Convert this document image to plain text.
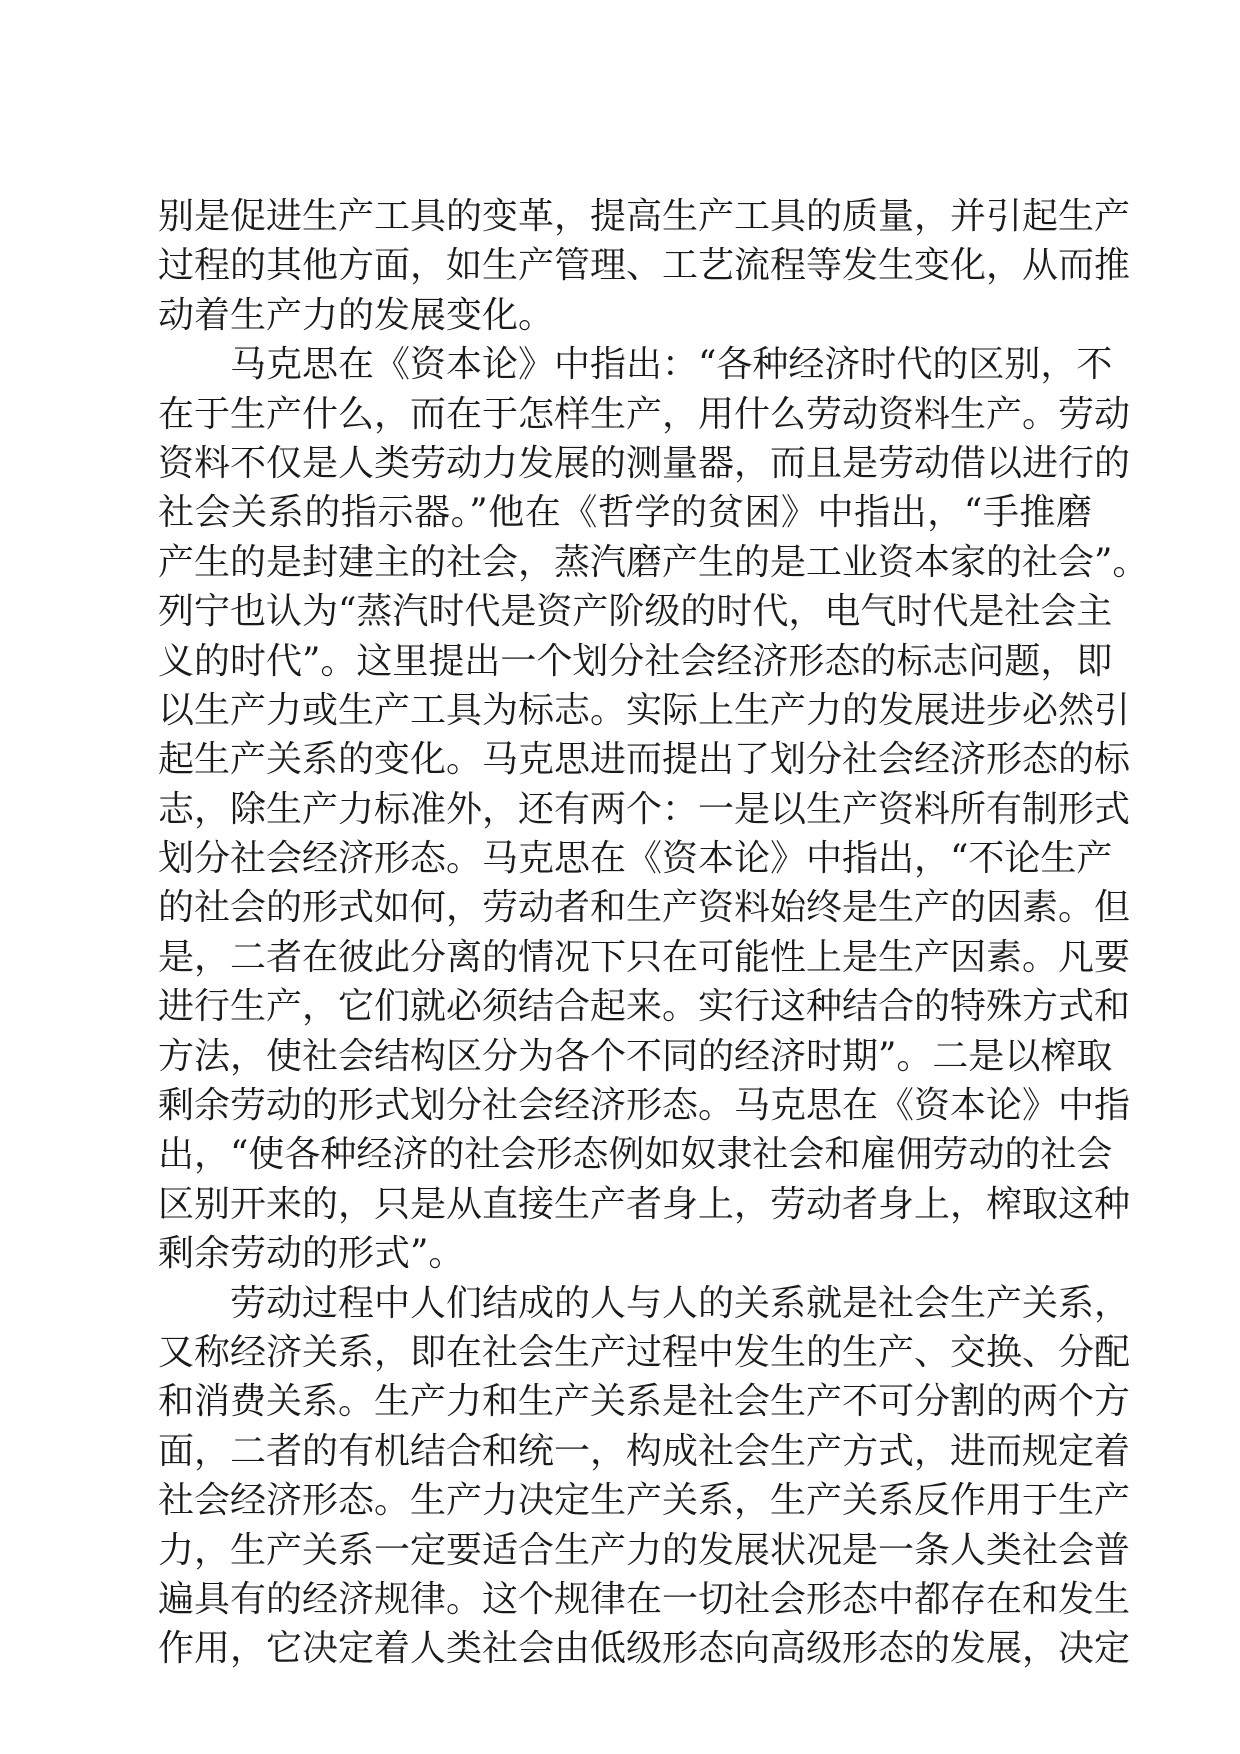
别是促进生产工具的变革，提高生产工具的质量，并引起生产
过程的其他方面，如生产管理、工艺流程等发生变化，从而推
动着生产力的发展变化。
马克思在《资本论》中指出：“各种经济时代的区别，不
在于生产什么，而在于怎样生产，用什么劳动资料生产。劳动
资料不仅是人类劳动力发展的测量器，而且是劳动借以进行的
社会关系的指示器。”他在《哲学的贫困》中指出，“手推磨
产生的是封建主的社会，蒸汽磨产生的是工业资本家的社会”。
列宁也认为“蒸汽时代是资产阶级的时代，电气时代是社会主
义的时代”。这里提出一个划分社会经济形态的标志问题，即
以生产力或生产工具为标志。实际上生产力的发展进步必然引
起生产关系的变化。马克思进而提出了划分社会经济形态的标
志，除生产力标准外，还有两个：一是以生产资料所有制形式
划分社会经济形态。马克思在《资本论》中指出，“不论生产
的社会的形式如何，劳动者和生产资料始终是生产的因素。但
是，二者在彼此分离的情况下只在可能性上是生产因素。凡要
进行生产，它们就必须结合起来。实行这种结合的特殊方式和
方法，使社会结构区分为各个不同的经济时期”。二是以榨取
剩余劳动的形式划分社会经济形态。马克思在《资本论》中指
出，“使各种经济的社会形态例如奴隶社会和雇佣劳动的社会
区别开来的，只是从直接生产者身上，劳动者身上，榨取这种
剩余劳动的形式”。
劳动过程中人们结成的人与人的关系就是社会生产关系，
又称经济关系，即在社会生产过程中发生的生产、交换、分配
和消费关系。生产力和生产关系是社会生产不可分割的两个方
面，二者的有机结合和统一，构成社会生产方式，进而规定着
社会经济形态。生产力决定生产关系，生产关系反作用于生产
力，生产关系一定要适合生产力的发展状况是一条人类社会普
遍具有的经济规律。这个规律在一切社会形态中都存在和发生
作用，它决定着人类社会由低级形态向高级形态的发展，决定
